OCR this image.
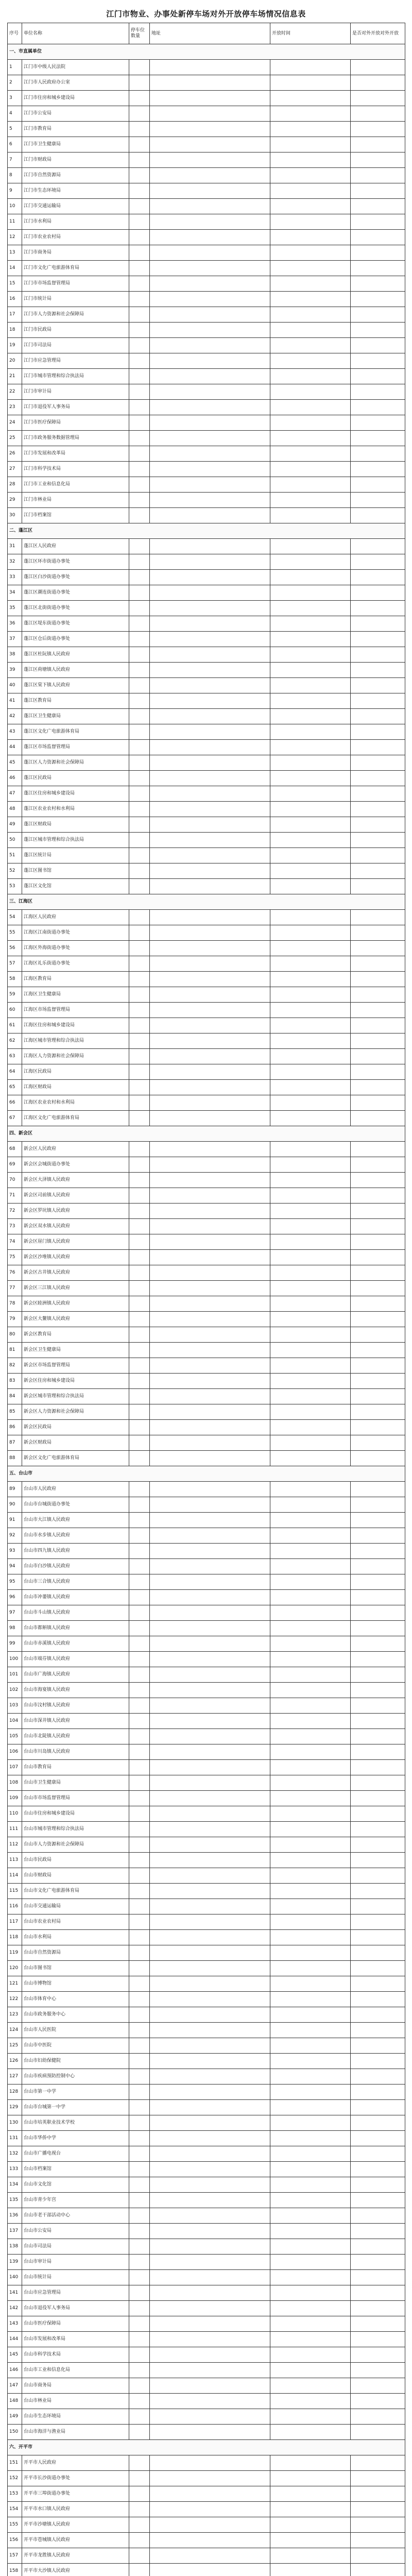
江门市物业、办事处新停车场对外开放停车场情况信息表
序号	单位名称	停车位数量	地址	开放时间	是否对外开放对外开放
一、市直属单位					
1	江门市中级人民法院				
2	江门市人民政府办公室				
3	江门市住房和城乡建设局				
4	江门市公安局				
5	江门市教育局				
6	江门市卫生健康局				
7	江门市财政局				
8	江门市自然资源局				
9	江门市生态环境局				
10	江门市交通运输局				
11	江门市水利局				
12	江门市农业农村局				
13	江门市商务局				
14	江门市文化广电旅游体育局				
15	江门市市场监督管理局				
16	江门市统计局				
17	江门市人力资源和社会保障局				
18	江门市民政局				
19	江门市司法局				
20	江门市应急管理局				
21	江门市城市管理和综合执法局				
22	江门市审计局				
23	江门市退役军人事务局				
24	江门市医疗保障局				
25	江门市政务服务数据管理局				
26	江门市发展和改革局				
27	江门市科学技术局				
28	江门市工业和信息化局				
29	江门市林业局				
30	江门市档案馆				
二、蓬江区					
31	蓬江区人民政府				
32	蓬江区环市街道办事处				
33	蓬江区白沙街道办事处				
34	蓬江区潮连街道办事处				
35	蓬江区北街街道办事处				
36	蓬江区堤东街道办事处				
37	蓬江区仓后街道办事处				
38	蓬江区杜阮镇人民政府				
39	蓬江区荷塘镇人民政府				
40	蓬江区棠下镇人民政府				
41	蓬江区教育局				
42	蓬江区卫生健康局				
43	蓬江区文化广电旅游体育局				
44	蓬江区市场监督管理局				
45	蓬江区人力资源和社会保障局				
46	蓬江区民政局				
47	蓬江区住房和城乡建设局				
48	蓬江区农业农村和水利局				
49	蓬江区财政局				
50	蓬江区城市管理和综合执法局				
51	蓬江区统计局				
52	蓬江区图书馆				
53	蓬江区文化馆				
三、江海区					
54	江海区人民政府				
55	江海区江南街道办事处				
56	江海区外海街道办事处				
57	江海区礼乐街道办事处				
58	江海区教育局				
59	江海区卫生健康局				
60	江海区市场监督管理局				
61	江海区住房和城乡建设局				
62	江海区城市管理和综合执法局				
63	江海区人力资源和社会保障局				
64	江海区民政局				
65	江海区财政局				
66	江海区农业农村和水利局				
67	江海区文化广电旅游体育局				
四、新会区					
68	新会区人民政府				
69	新会区会城街道办事处				
70	新会区大泽镇人民政府				
71	新会区司前镇人民政府				
72	新会区罗坑镇人民政府				
73	新会区双水镇人民政府				
74	新会区崖门镇人民政府				
75	新会区沙堆镇人民政府				
76	新会区古井镇人民政府				
77	新会区三江镇人民政府				
78	新会区睦洲镇人民政府				
79	新会区大鳌镇人民政府				
80	新会区教育局				
81	新会区卫生健康局				
82	新会区市场监督管理局				
83	新会区住房和城乡建设局				
84	新会区城市管理和综合执法局				
85	新会区人力资源和社会保障局				
86	新会区民政局				
87	新会区财政局				
88	新会区文化广电旅游体育局				
五、台山市					
89	台山市人民政府				
90	台山市台城街道办事处				
91	台山市大江镇人民政府				
92	台山市水步镇人民政府				
93	台山市四九镇人民政府				
94	台山市白沙镇人民政府				
95	台山市三合镇人民政府				
96	台山市冲蒌镇人民政府				
97	台山市斗山镇人民政府				
98	台山市都斛镇人民政府				
99	台山市赤溪镇人民政府				
100	台山市端芬镇人民政府				
101	台山市广海镇人民政府				
102	台山市海宴镇人民政府				
103	台山市汶村镇人民政府				
104	台山市深井镇人民政府				
105	台山市北陡镇人民政府				
106	台山市川岛镇人民政府				
107	台山市教育局				
108	台山市卫生健康局				
109	台山市市场监督管理局				
110	台山市住房和城乡建设局				
111	台山市城市管理和综合执法局				
112	台山市人力资源和社会保障局				
113	台山市民政局				
114	台山市财政局				
115	台山市文化广电旅游体育局				
116	台山市交通运输局				
117	台山市农业农村局				
118	台山市水利局				
119	台山市自然资源局				
120	台山市图书馆				
121	台山市博物馆				
122	台山市体育中心				
123	台山市政务服务中心				
124	台山市人民医院				
125	台山市中医院				
126	台山市妇幼保健院				
127	台山市疾病预防控制中心				
128	台山市第一中学				
129	台山市台城第一中学				
130	台山市培英职业技术学校				
131	台山市华侨中学				
132	台山市广播电视台				
133	台山市档案馆				
134	台山市文化馆				
135	台山市青少年宫				
136	台山市老干部活动中心				
137	台山市公安局				
138	台山市司法局				
139	台山市审计局				
140	台山市统计局				
141	台山市应急管理局				
142	台山市退役军人事务局				
143	台山市医疗保障局				
144	台山市发展和改革局				
145	台山市科学技术局				
146	台山市工业和信息化局				
147	台山市商务局				
148	台山市林业局				
149	台山市生态环境局				
150	台山市海洋与渔业局				
六、开平市					
151	开平市人民政府				
152	开平市长沙街道办事处				
153	开平市三埠街道办事处				
154	开平市水口镇人民政府				
155	开平市沙塘镇人民政府				
156	开平市苍城镇人民政府				
157	开平市龙胜镇人民政府				
158	开平市大沙镇人民政府				
